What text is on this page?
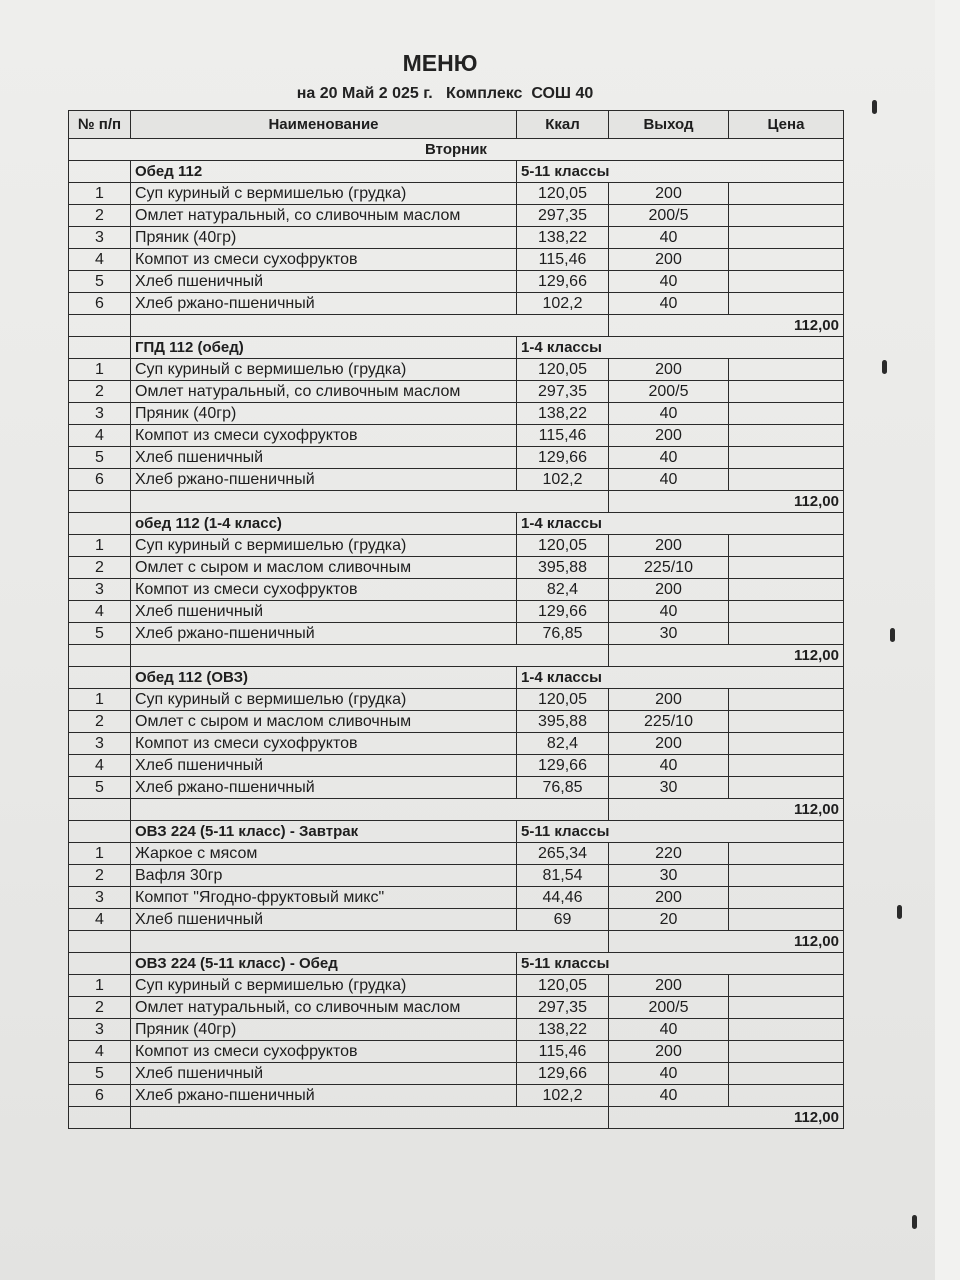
МЕНЮ
на 20 Май 2 025 г.   Комплекс  СОШ 40
№ п/п	Наименование	Ккал	Выход	Цена
Вторник				
	Обед 112	5-11 классы		
1	Суп куриный с вермишелью (грудка)	120,05	200	
2	Омлет натуральный, со сливочным маслом	297,35	200/5	
3	Пряник (40гр)	138,22	40	
4	Компот из смеси сухофруктов	115,46	200	
5	Хлеб пшеничный	129,66	40	
6	Хлеб ржано-пшеничный	102,2	40	
			112,00	
	ГПД 112 (обед)	1-4 классы		
1	Суп куриный с вермишелью (грудка)	120,05	200	
2	Омлет натуральный, со сливочным маслом	297,35	200/5	
3	Пряник (40гр)	138,22	40	
4	Компот из смеси сухофруктов	115,46	200	
5	Хлеб пшеничный	129,66	40	
6	Хлеб ржано-пшеничный	102,2	40	
			112,00	
	обед 112 (1-4 класс)	1-4 классы		
1	Суп куриный с вермишелью (грудка)	120,05	200	
2	Омлет с сыром и маслом сливочным	395,88	225/10	
3	Компот из смеси сухофруктов	82,4	200	
4	Хлеб пшеничный	129,66	40	
5	Хлеб ржано-пшеничный	76,85	30	
			112,00	
	Обед 112 (ОВЗ)	1-4 классы		
1	Суп куриный с вермишелью (грудка)	120,05	200	
2	Омлет с сыром и маслом сливочным	395,88	225/10	
3	Компот из смеси сухофруктов	82,4	200	
4	Хлеб пшеничный	129,66	40	
5	Хлеб ржано-пшеничный	76,85	30	
			112,00	
	ОВЗ 224 (5-11 класс) - Завтрак	5-11 классы		
1	Жаркое с мясом	265,34	220	
2	Вафля 30гр	81,54	30	
3	Компот "Ягодно-фруктовый микс"	44,46	200	
4	Хлеб пшеничный	69	20	
			112,00	
	ОВЗ 224 (5-11 класс) - Обед	5-11 классы		
1	Суп куриный с вермишелью (грудка)	120,05	200	
2	Омлет натуральный, со сливочным маслом	297,35	200/5	
3	Пряник (40гр)	138,22	40	
4	Компот из смеси сухофруктов	115,46	200	
5	Хлеб пшеничный	129,66	40	
6	Хлеб ржано-пшеничный	102,2	40	
			112,00	
